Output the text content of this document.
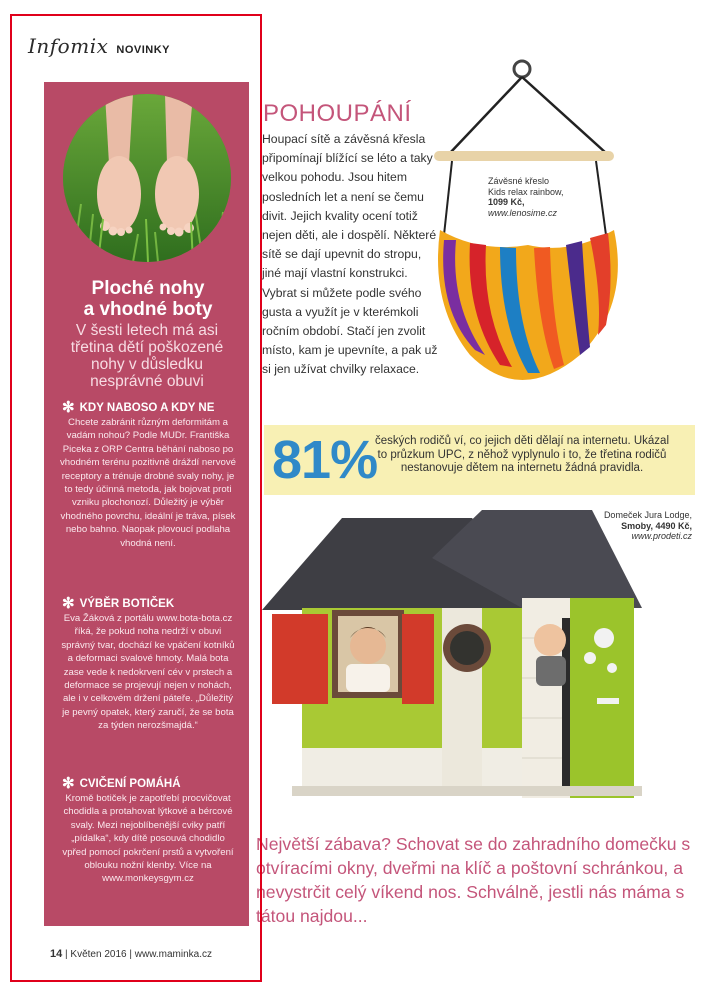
Infomix NOVINKY
Ploché nohy
a vhodné boty
V šesti letech má asi třetina dětí poškozené nohy v důsledku nesprávné obuvi
✻ KDY NABOSO A KDY NE
Chcete zabránit různým deformitám a vadám nohou? Podle MUDr. Františka Piceka z ORP Centra běhání naboso po vhodném terénu pozitivně dráždí nervové receptory a trénuje drobné svaly nohy, je to tedy účinná metoda, jak bojovat proti vzniku plochonozí. Důležitý je výběr vhodného povrchu, ideální je tráva, písek nebo bahno. Naopak plovoucí podlaha vhodná není.
✻ VÝBĚR BOTIČEK
Eva Žáková z portálu www.bota-bota.cz říká, že pokud noha nedrží v obuvi správný tvar, dochází ke vpáčení kotníků a deformaci svalové hmoty. Malá bota zase vede k nedokrvení cév v prstech a deformace se projevují nejen v nohách, ale i v celkovém držení páteře. „Důležitý je pevný opatek, který zaručí, že se bota za týden nerozšmajdá.“
✻ CVIČENÍ POMÁHÁ
Kromě botiček je zapotřebí procvičovat chodidla a protahovat lýtkové a bércové svaly. Mezi nejoblíbenější cviky patří „pídalka“, kdy dítě posouvá chodidlo vpřed pomocí pokrčení prstů a vytvoření oblouku nožní klenby. Více na www.monkeysgym.cz
POHOUPÁNÍ
Houpací sítě a závěsná křesla připomínají blížící se léto a taky velkou pohodu. Jsou hitem posledních let a není se čemu divit. Jejich kvality ocení totiž nejen děti, ale i dospělí. Některé sítě se dají upevnit do stropu, jiné mají vlastní konstrukci. Vybrat si můžete podle svého gusta a využít je v kterémkoli ročním období. Stačí jen zvolit místo, kam je upevníte, a pak už si jen užívat chvilky relaxace.
Závěsné křeslo Kids relax rainbow, 1099 Kč, www.lenosime.cz
81%
českých rodičů ví, co jejich děti dělají na internetu. Ukázal to průzkum UPC, z něhož vyplynulo i to, že třetina rodičů nestanovuje dětem na internetu žádná pravidla.
Domeček Jura Lodge,
Smoby, 4490 Kč,
www.prodeti.cz
Největší zábava? Schovat se do zahradního domečku s otvíracími okny, dveřmi na klíč a poštovní schránkou, a nevystrčit celý víkend nos. Schválně, jestli nás máma s tátou najdou...
14 | Květen 2016 | www.maminka.cz
